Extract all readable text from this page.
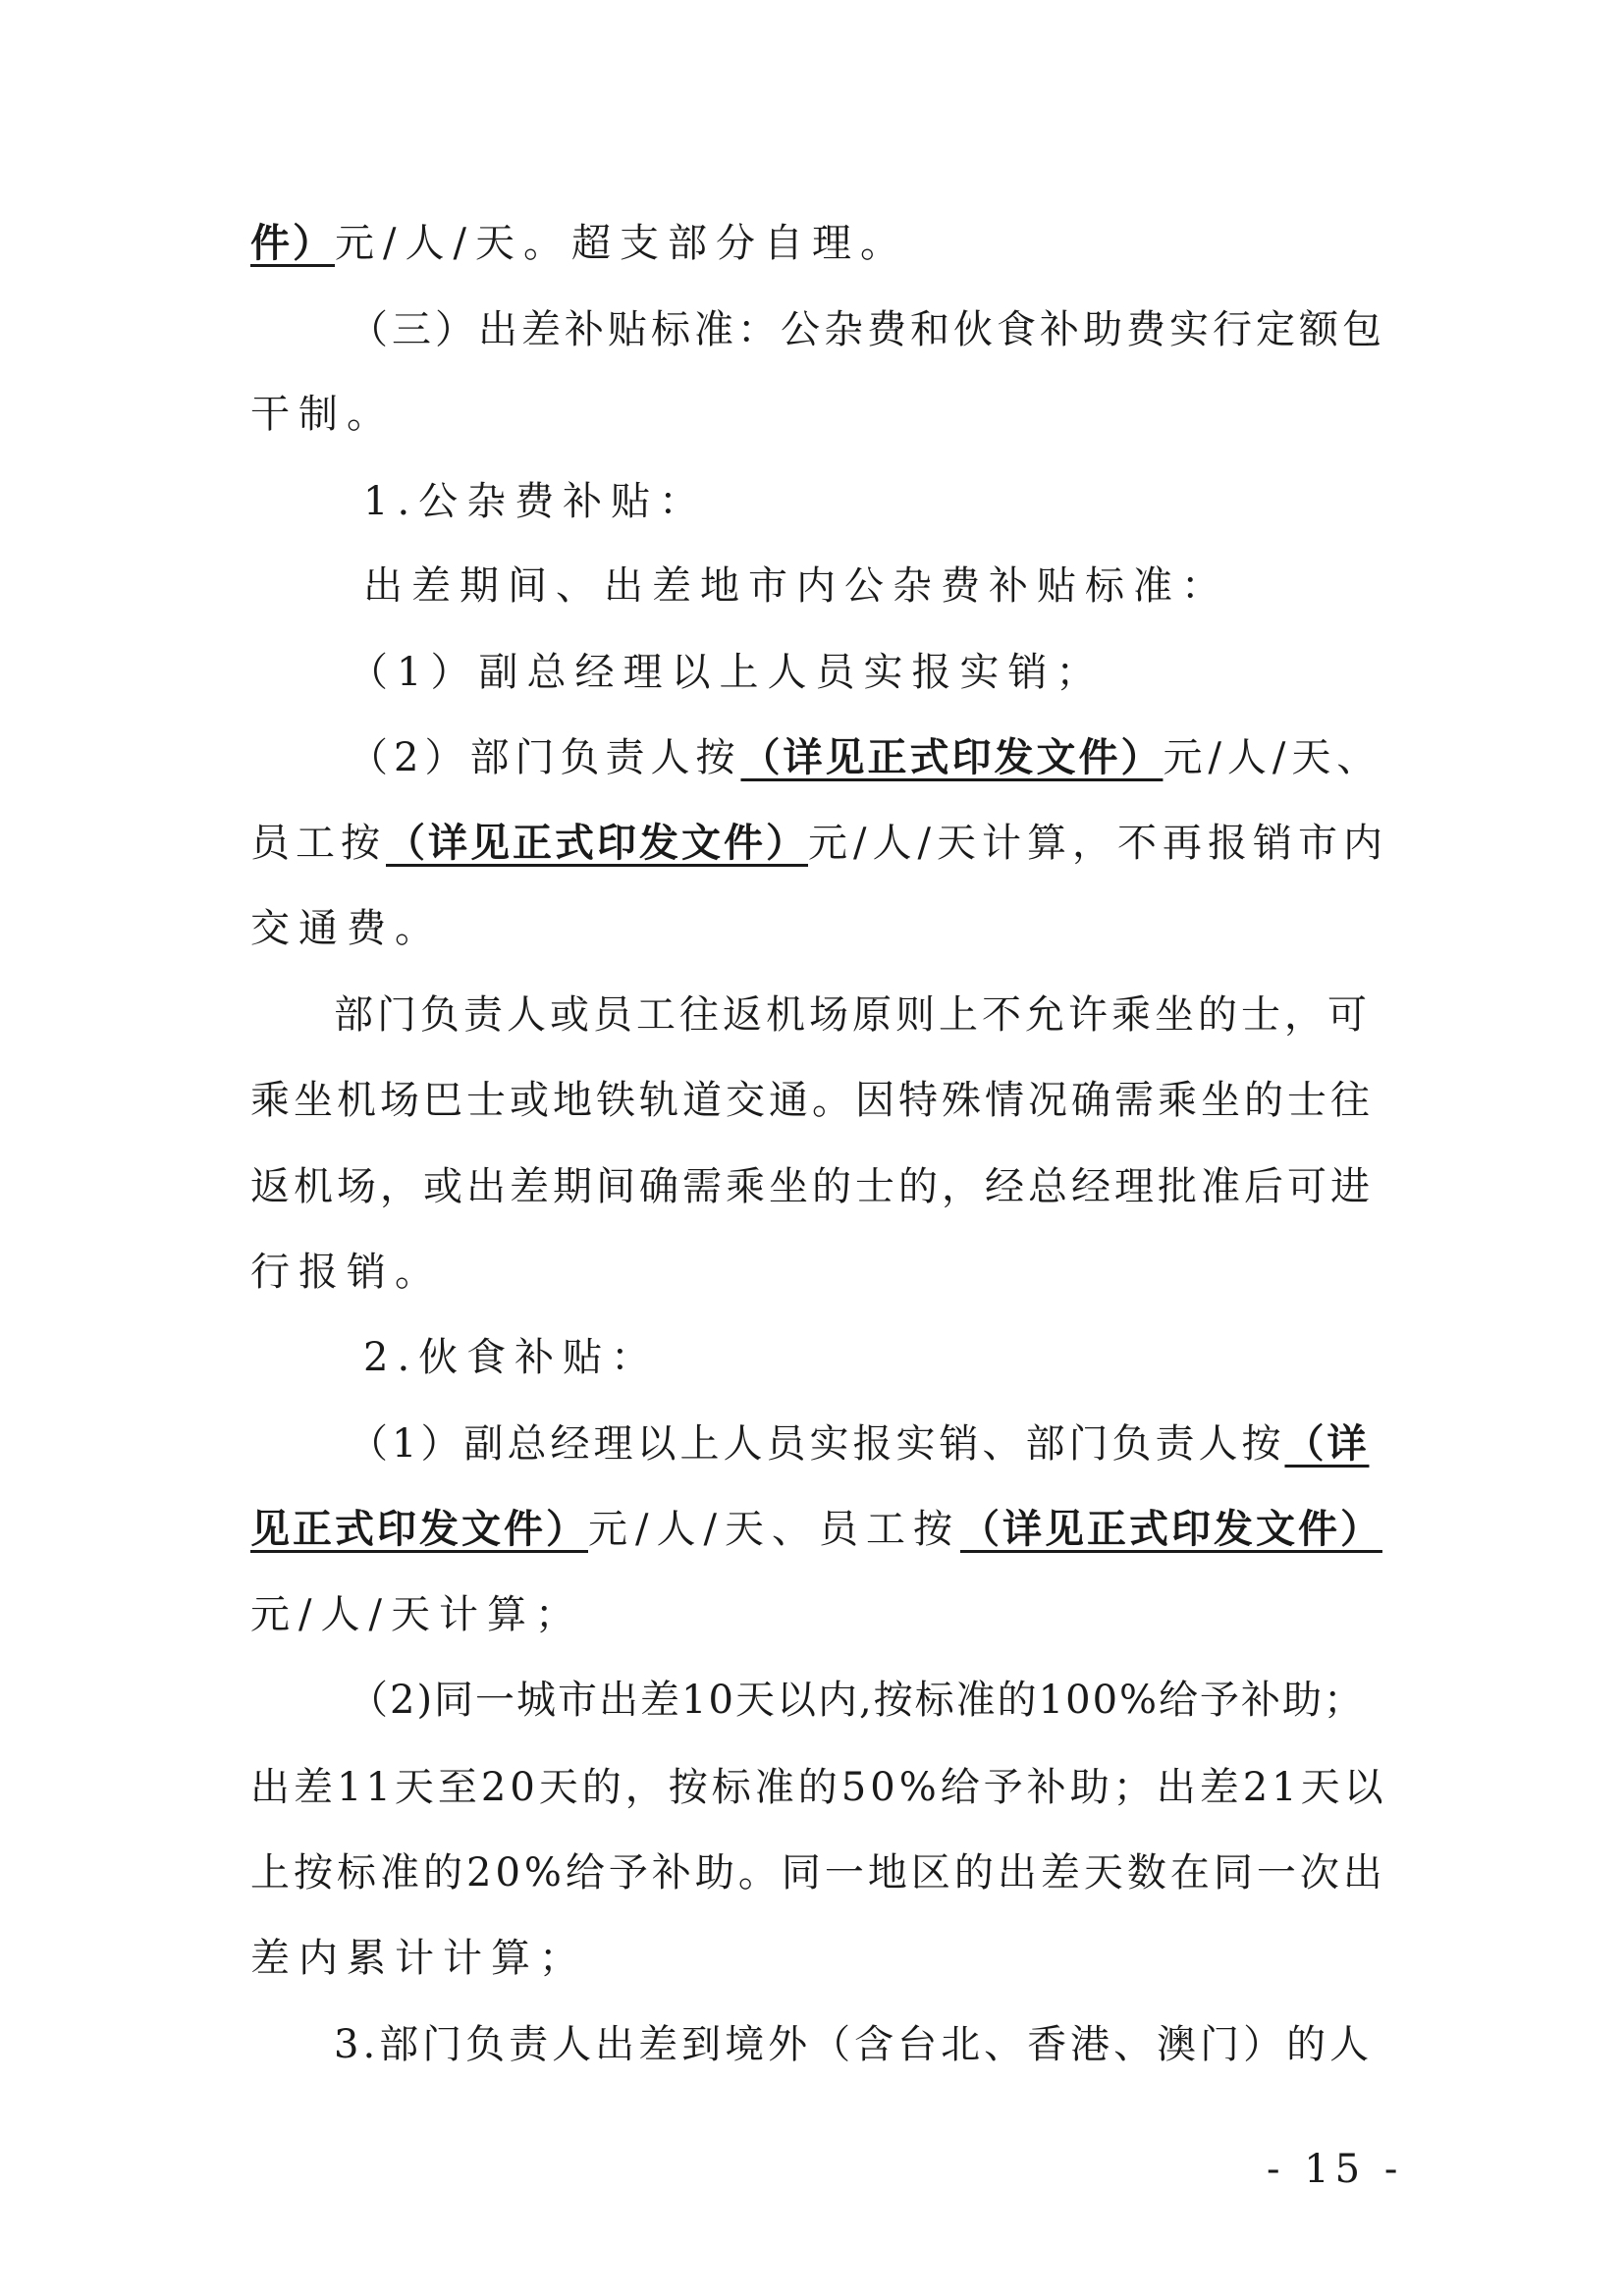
件）元/人/天。超支部分自理。
（三）出差补贴标准：公杂费和伙食补助费实行定额包
干制。
1.公杂费补贴：
出差期间、出差地市内公杂费补贴标准：
（1）副总经理以上人员实报实销；
（2）部门负责人按（详见正式印发文件）元/人/天、
员工按（详见正式印发文件）元/人/天计算，不再报销市内
交通费。
部门负责人或员工往返机场原则上不允许乘坐的士，可
乘坐机场巴士或地铁轨道交通。因特殊情况确需乘坐的士往
返机场，或出差期间确需乘坐的士的，经总经理批准后可进
行报销。
2.伙食补贴：
（1）副总经理以上人员实报实销、部门负责人按（详
见正式印发文件）元/人/天、员工按（详见正式印发文件）
元/人/天计算；
（2)同一城市出差10天以内,按标准的100%给予补助；
出差11天至20天的，按标准的50%给予补助；出差21天以
上按标准的20%给予补助。同一地区的出差天数在同一次出
差内累计计算；
3.部门负责人出差到境外（含台北、香港、澳门）的人
- 15 -
